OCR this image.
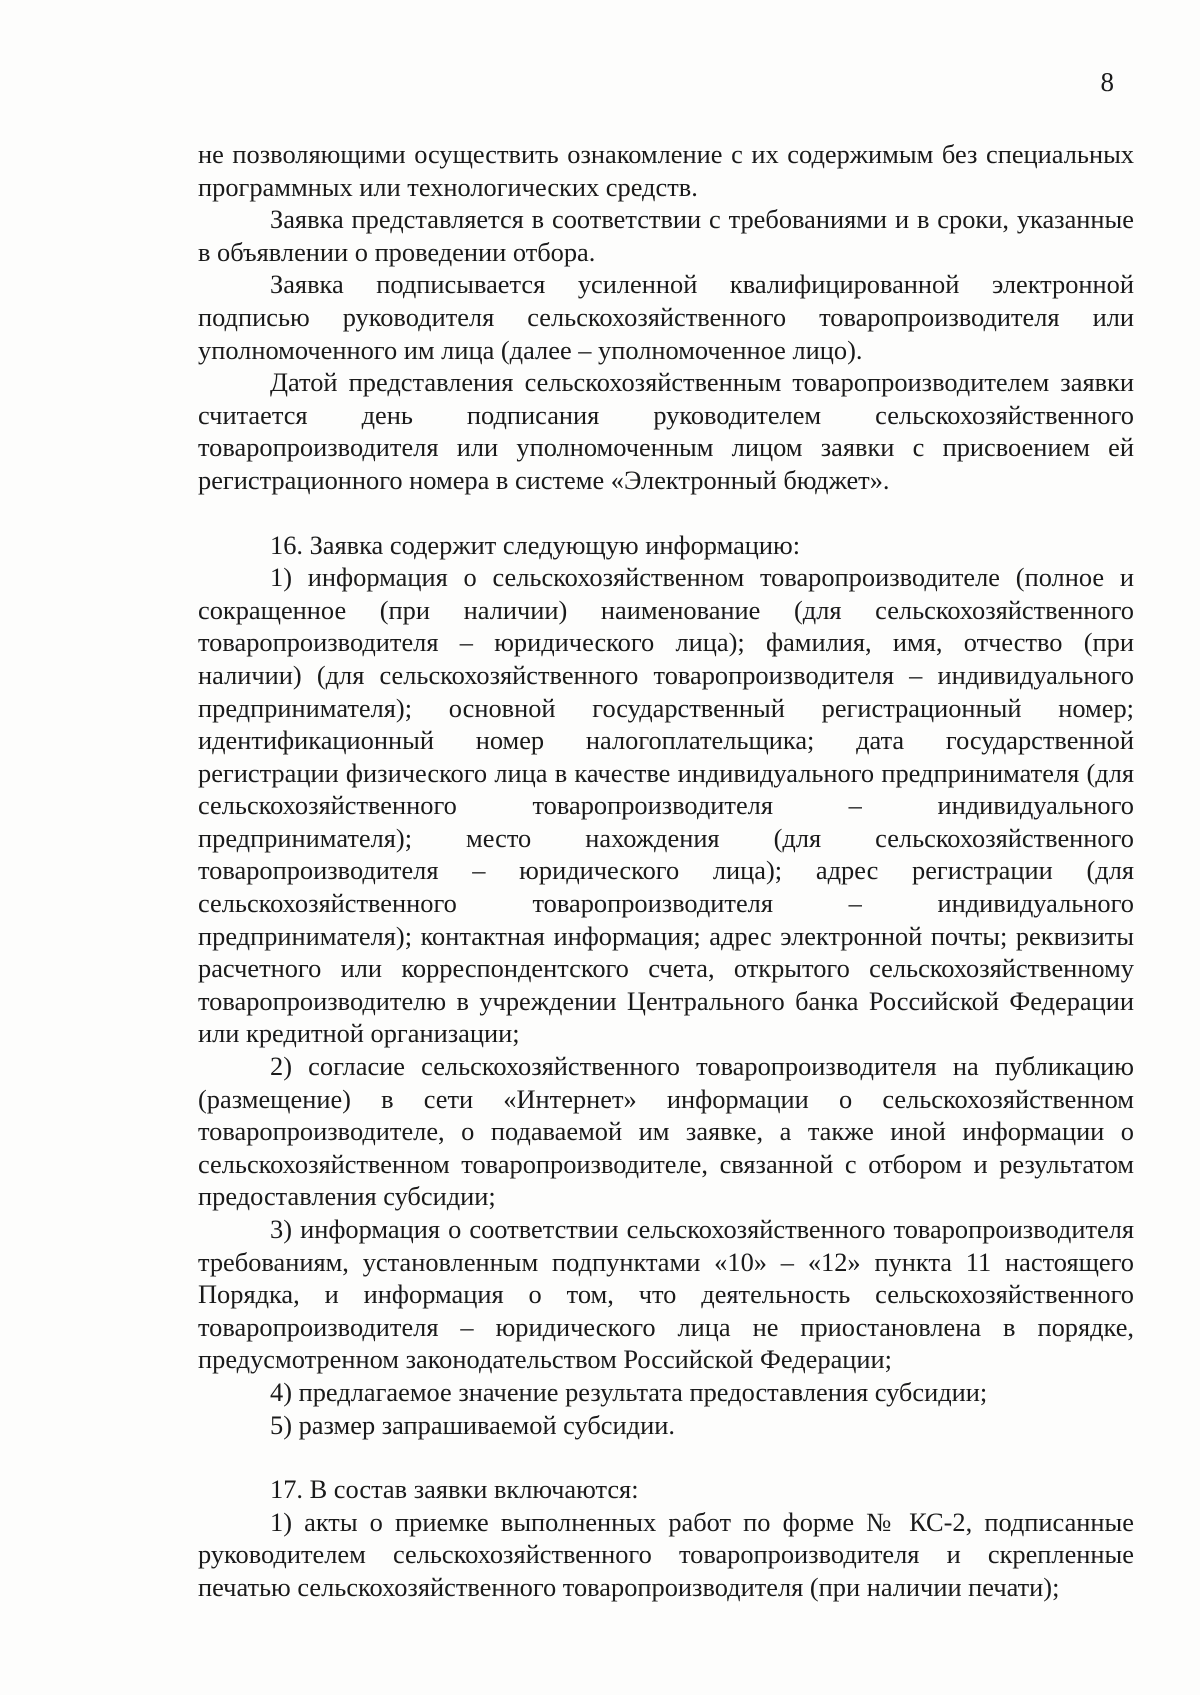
8

не позволяющими осуществить ознакомление с их содержимым без специальных программных или технологических средств.

Заявка представляется в соответствии с требованиями и в сроки, указанные в объявлении о проведении отбора.

Заявка подписывается усиленной квалифицированной электронной подписью руководителя сельскохозяйственного товаропроизводителя или уполномоченного им лица (далее – уполномоченное лицо).

Датой представления сельскохозяйственным товаропроизводителем заявки считается день подписания руководителем сельскохозяйственного товаропроизводителя или уполномоченным лицом заявки с присвоением ей регистрационного номера в системе «Электронный бюджет».

16. Заявка содержит следующую информацию:

1) информация о сельскохозяйственном товаропроизводителе (полное и сокращенное (при наличии) наименование (для сельскохозяйственного товаропроизводителя – юридического лица); фамилия, имя, отчество (при наличии) (для сельскохозяйственного товаропроизводителя – индивидуального предпринимателя); основной государственный регистрационный номер; идентификационный номер налогоплательщика; дата государственной регистрации физического лица в качестве индивидуального предпринимателя (для сельскохозяйственного товаропроизводителя – индивидуального предпринимателя); место нахождения (для сельскохозяйственного товаропроизводителя – юридического лица); адрес регистрации (для сельскохозяйственного товаропроизводителя – индивидуального предпринимателя); контактная информация; адрес электронной почты; реквизиты расчетного или корреспондентского счета, открытого сельскохозяйственному товаропроизводителю в учреждении Центрального банка Российской Федерации или кредитной организации;

2) согласие сельскохозяйственного товаропроизводителя на публикацию (размещение) в сети «Интернет» информации о сельскохозяйственном товаропроизводителе, о подаваемой им заявке, а также иной информации о сельскохозяйственном товаропроизводителе, связанной с отбором и результатом предоставления субсидии;

3) информация о соответствии сельскохозяйственного товаропроизводителя требованиям, установленным подпунктами «10» – «12» пункта 11 настоящего Порядка, и информация о том, что деятельность сельскохозяйственного товаропроизводителя – юридического лица не приостановлена в порядке, предусмотренном законодательством Российской Федерации;

4) предлагаемое значение результата предоставления субсидии;

5) размер запрашиваемой субсидии.

17. В состав заявки включаются:

1) акты о приемке выполненных работ по форме № КС-2, подписанные руководителем сельскохозяйственного товаропроизводителя и скрепленные печатью сельскохозяйственного товаропроизводителя (при наличии печати);
